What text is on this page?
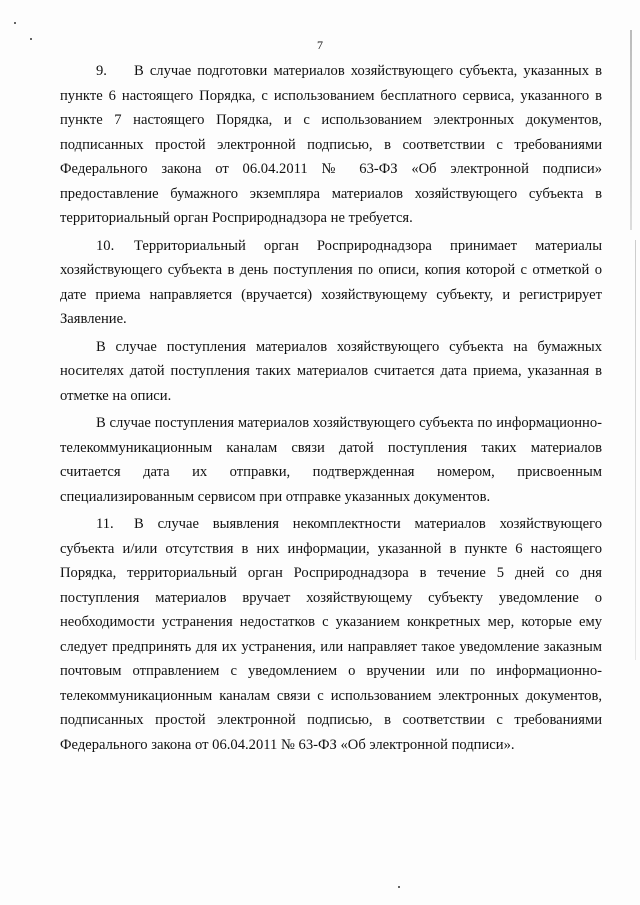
7

9. В случае подготовки материалов хозяйствующего субъекта, указанных в пункте 6 настоящего Порядка, с использованием бесплатного сервиса, указанного в пункте 7 настоящего Порядка, и с использованием электронных документов, подписанных простой электронной подписью, в соответствии с требованиями Федерального закона от 06.04.2011 № 63-ФЗ «Об электронной подписи» предоставление бумажного экземпляра материалов хозяйствующего субъекта в территориальный орган Росприроднадзора не требуется.

10. Территориальный орган Росприроднадзора принимает материалы хозяйствующего субъекта в день поступления по описи, копия которой с отметкой о дате приема направляется (вручается) хозяйствующему субъекту, и регистрирует Заявление.

В случае поступления материалов хозяйствующего субъекта на бумажных носителях датой поступления таких материалов считается дата приема, указанная в отметке на описи.

В случае поступления материалов хозяйствующего субъекта по информационно-телекоммуникационным каналам связи датой поступления таких материалов считается дата их отправки, подтвержденная номером, присвоенным специализированным сервисом при отправке указанных документов.

11. В случае выявления некомплектности материалов хозяйствующего субъекта и/или отсутствия в них информации, указанной в пункте 6 настоящего Порядка, территориальный орган Росприроднадзора в течение 5 дней со дня поступления материалов вручает хозяйствующему субъекту уведомление о необходимости устранения недостатков с указанием конкретных мер, которые ему следует предпринять для их устранения, или направляет такое уведомление заказным почтовым отправлением с уведомлением о вручении или по информационно-телекоммуникационным каналам связи с использованием электронных документов, подписанных простой электронной подписью, в соответствии с требованиями Федерального закона от 06.04.2011 № 63-ФЗ «Об электронной подписи».
